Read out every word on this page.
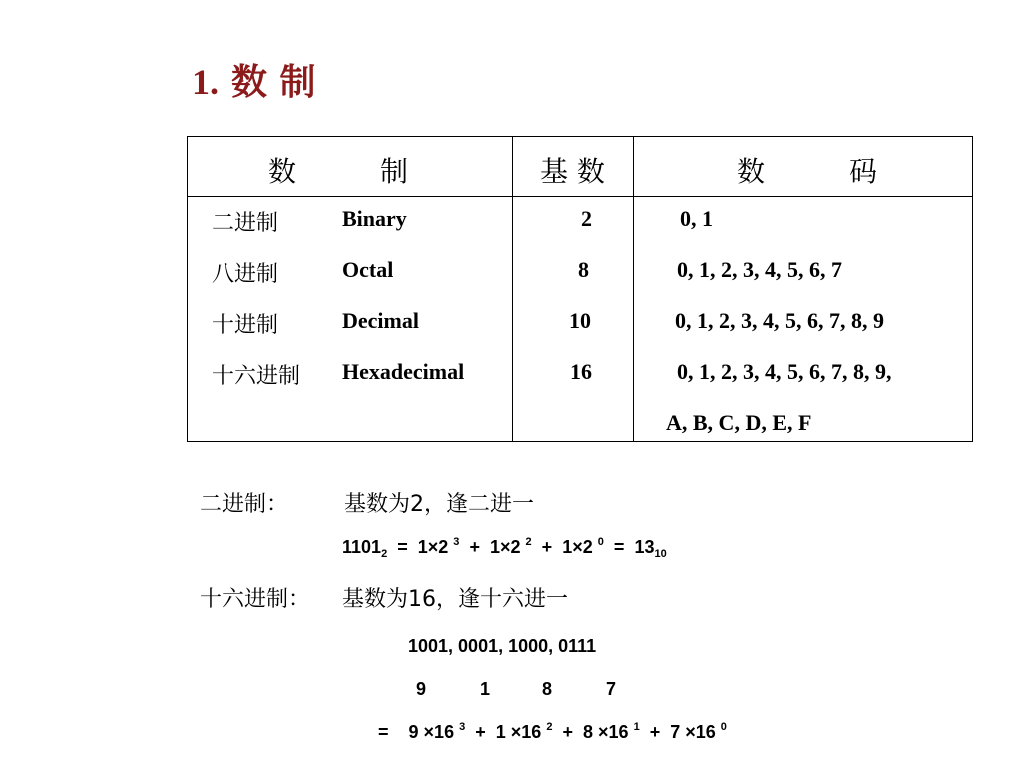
1. 数 制
数　　　制	基 数	数　　　码
二进制	Binary	2	0, 1
八进制	Octal	8	0, 1, 2, 3, 4, 5, 6, 7
十进制	Decimal	10	0, 1, 2, 3, 4, 5, 6, 7, 8, 9
十六进制 Hexadecimal	16	0, 1, 2, 3, 4, 5, 6, 7, 8, 9,
A, B, C, D, E, F
二进制：	基数为2，逢二进一
$1101_2 = 1\times 2$ $^3$ + 1×2 $^2$ + 1×2 $^0 = 13_{10}$
十六进制： 基数为16，逢十六进一
1001, 0001, 1000, 0111
9	1	8	7
= 9 ×16 $^3$ + 1 ×16 $^2$ + 8 ×16 $^1$ + 7 ×16 $^0$
